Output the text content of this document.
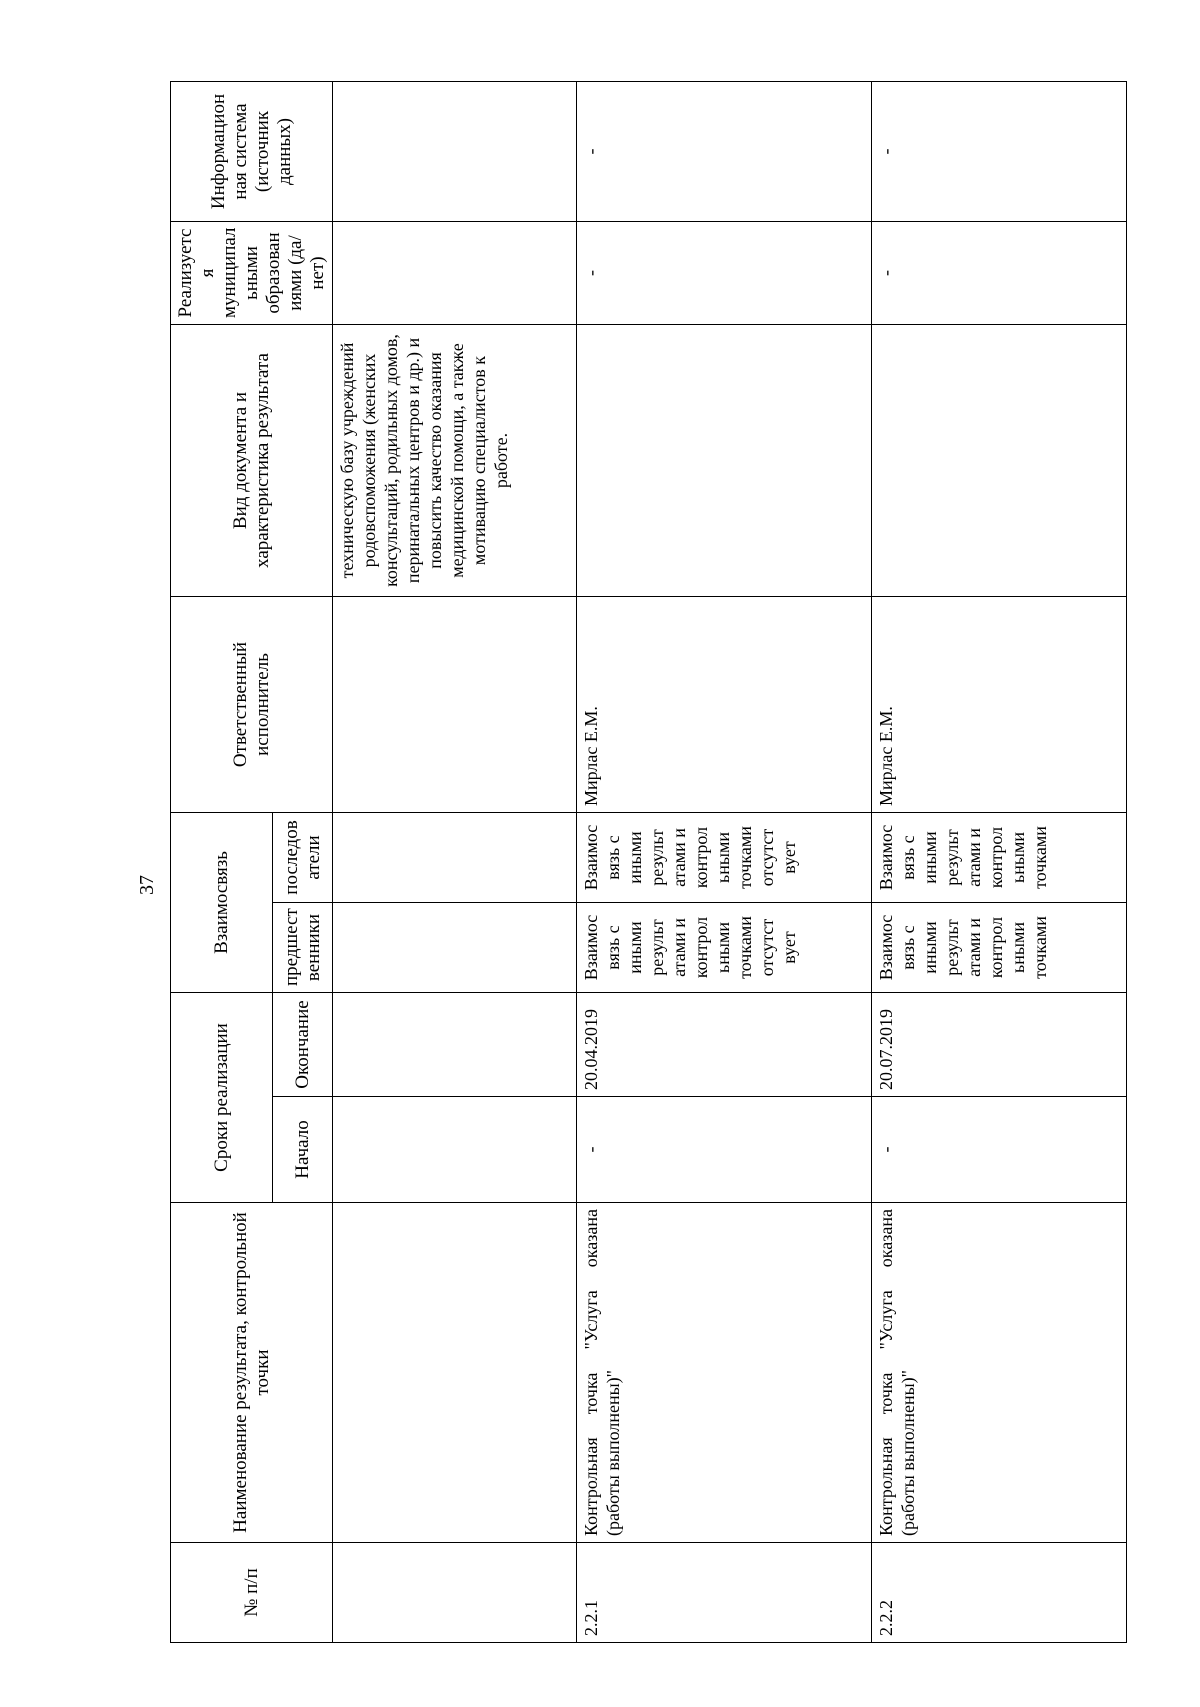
37
№ п/п	Наименование результата, контрольной точки	Сроки реализации		Взаимосвязь		Ответственный исполнитель	Вид документа и характеристика результата	Реализуетс я муниципал ьными образован иями (да/нет)	Информацион ная система (источник данных)
		Начало	Окончание	предшест венники	последов атели				
							техническую базу учреждений родовспоможения (женских консультаций, родильных домов, перинатальных центров и др.) и повысить качество оказания медицинской помощи, а также мотивацию специалистов к работе.		
2.2.1	Контрольная точка "Услуга оказана (работы выполнены)"	-	20.04.2019	Взаимос вязь с иными результ атами и контрол ьными точками отсутст вует	Взаимос вязь с иными результ атами и контрол ьными точками отсутст вует	Мирлас Е.М.		-	-
2.2.2	Контрольная точка "Услуга оказана (работы выполнены)"	-	20.07.2019	Взаимос вязь с иными результ атами и контрол ьными точками	Взаимос вязь с иными результ атами и контрол ьными точками	Мирлас Е.М.		-	-
